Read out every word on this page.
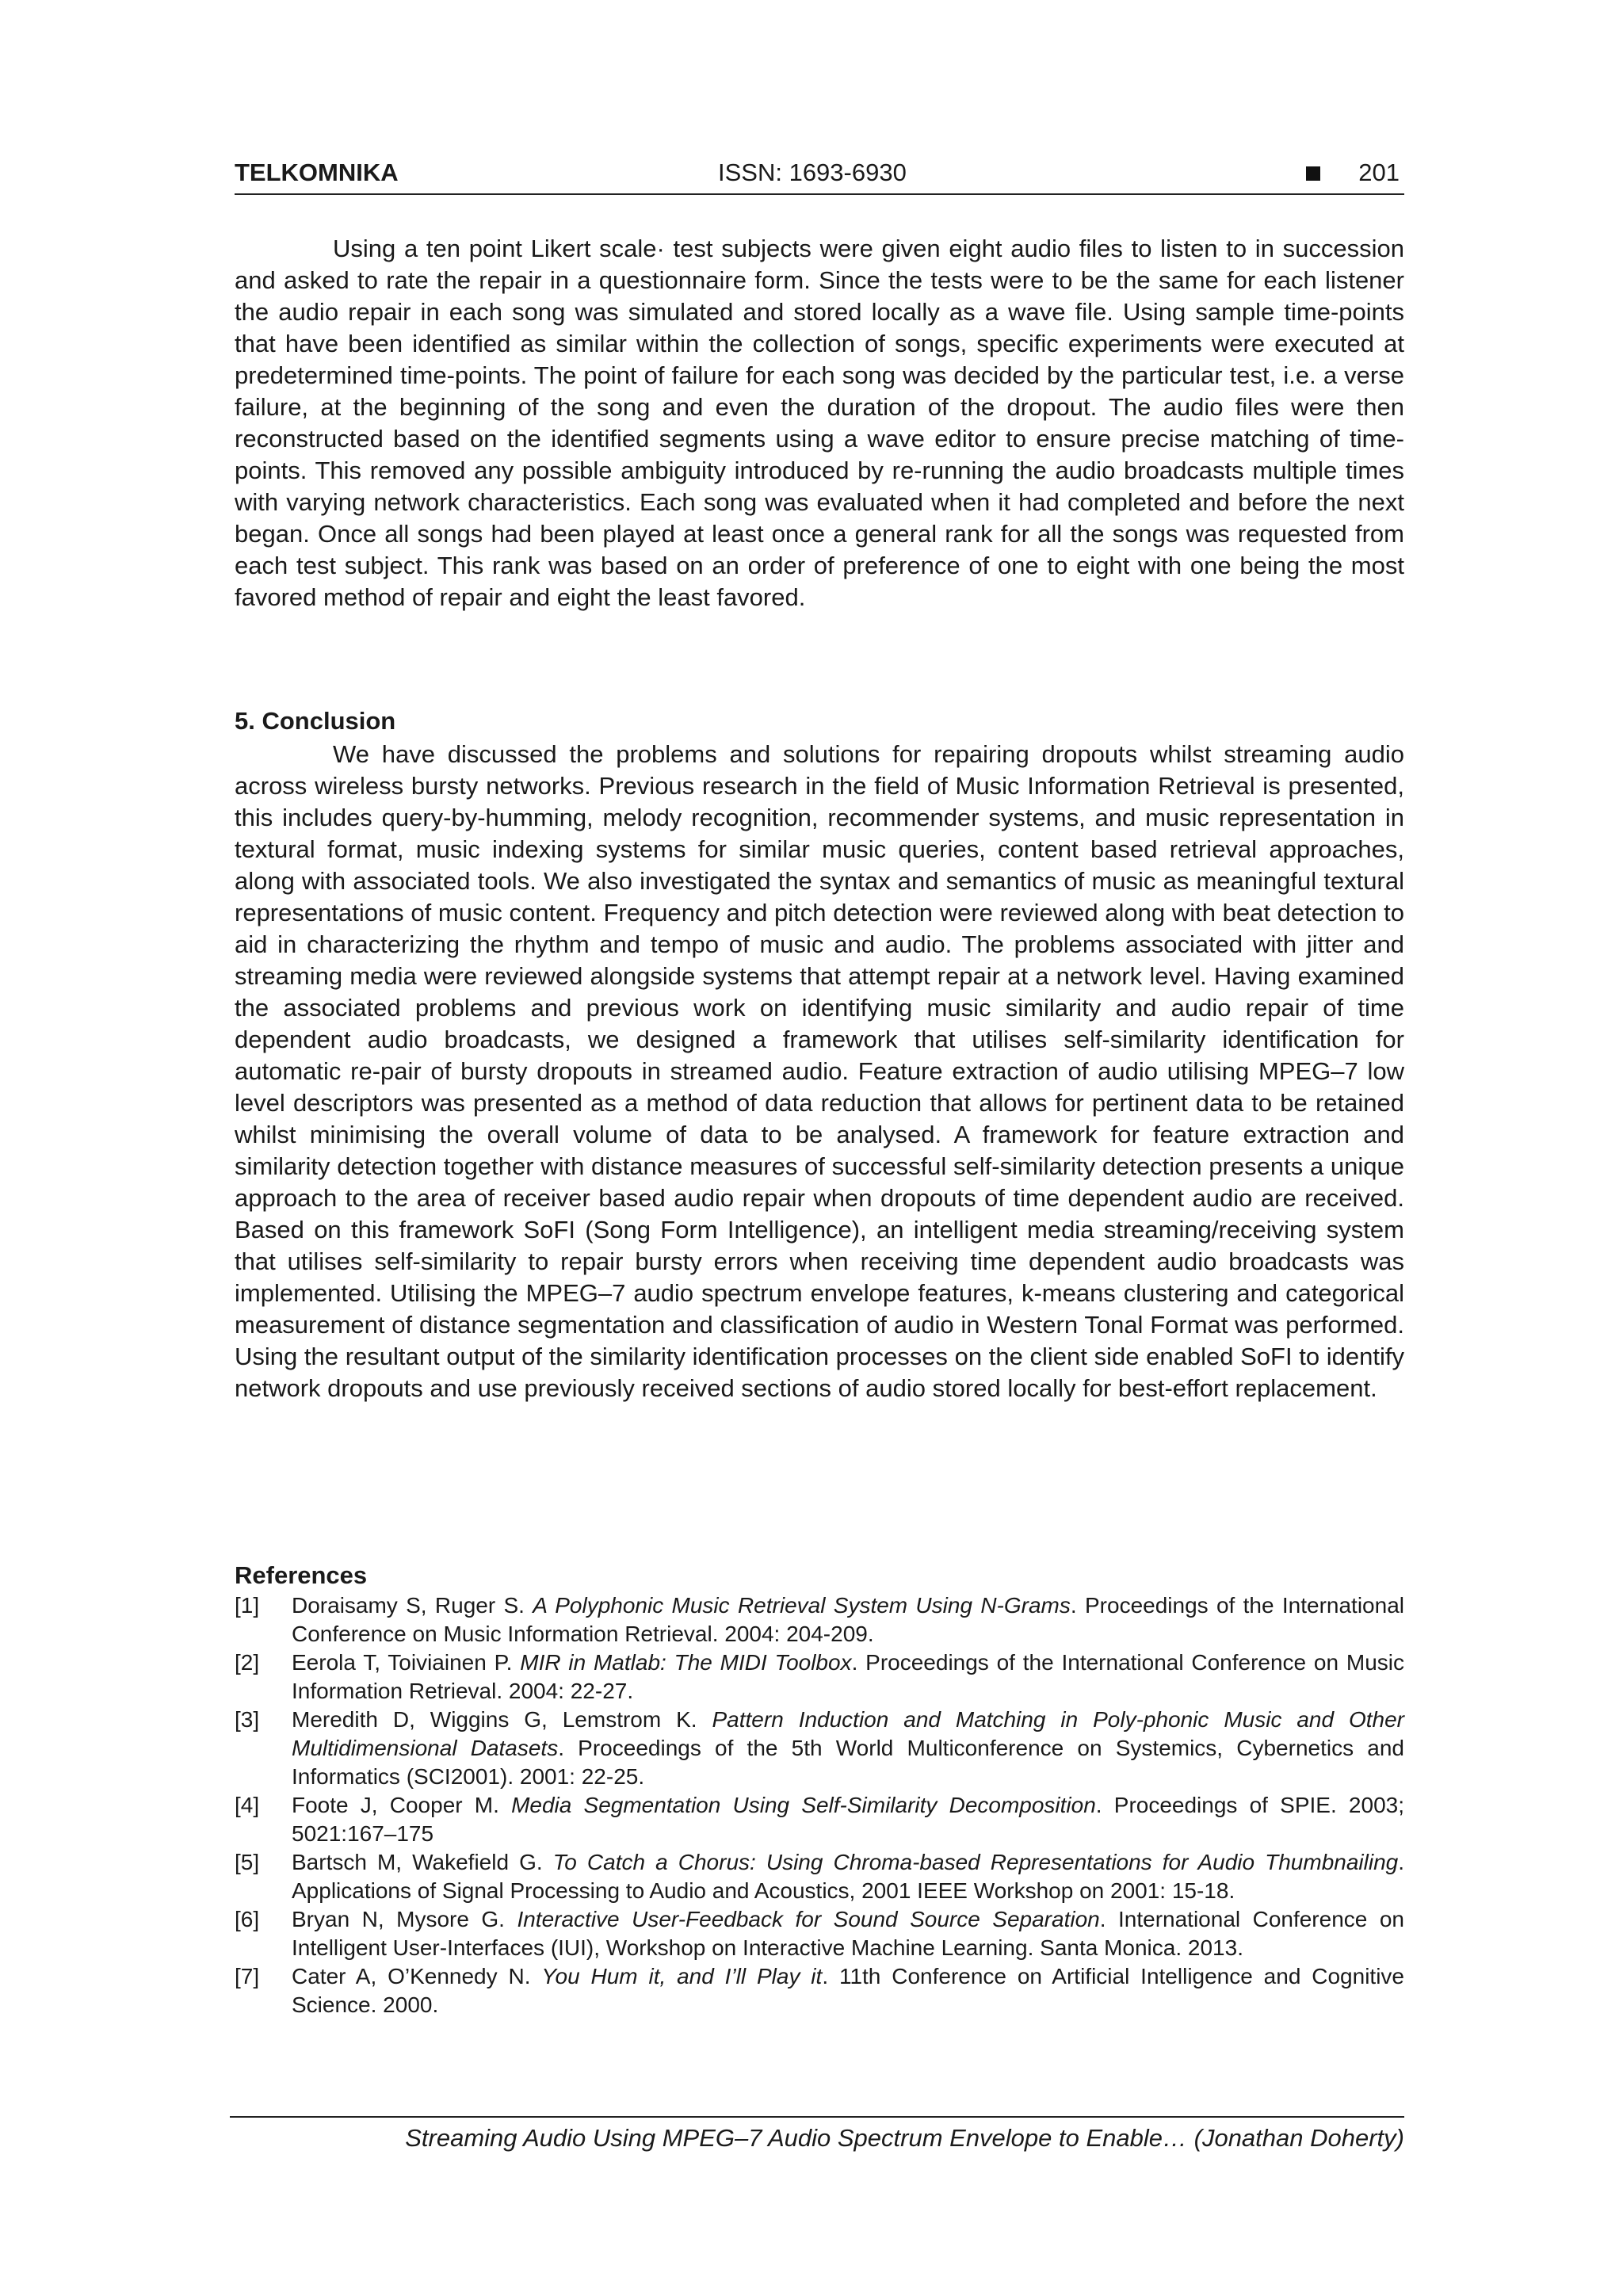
TELKOMNIKA	ISSN: 1693-6930	201

Using a ten point Likert scale· test subjects were given eight audio files to listen to in succession and asked to rate the repair in a questionnaire form. Since the tests were to be the same for each listener the audio repair in each song was simulated and stored locally as a wave file. Using sample time-points that have been identified as similar within the collection of songs, specific experiments were executed at predetermined time-points. The point of failure for each song was decided by the particular test, i.e. a verse failure, at the beginning of the song and even the duration of the dropout. The audio files were then reconstructed based on the identified segments using a wave editor to ensure precise matching of time-points. This removed any possible ambiguity introduced by re-running the audio broadcasts multiple times with varying network characteristics. Each song was evaluated when it had completed and before the next began. Once all songs had been played at least once a general rank for all the songs was requested from each test subject. This rank was based on an order of preference of one to eight with one being the most favored method of repair and eight the least favored.

5. Conclusion

We have discussed the problems and solutions for repairing dropouts whilst streaming audio across wireless bursty networks. Previous research in the field of Music Information Retrieval is presented, this includes query-by-humming, melody recognition, recommender systems, and music representation in textural format, music indexing systems for similar music queries, content based retrieval approaches, along with associated tools. We also investigated the syntax and semantics of music as meaningful textural representations of music content. Frequency and pitch detection were reviewed along with beat detection to aid in characterizing the rhythm and tempo of music and audio. The problems associated with jitter and streaming media were reviewed alongside systems that attempt repair at a network level. Having examined the associated problems and previous work on identifying music similarity and audio repair of time dependent audio broadcasts, we designed a framework that utilises self-similarity identification for automatic re-pair of bursty dropouts in streamed audio. Feature extraction of audio utilising MPEG–7 low level descriptors was presented as a method of data reduction that allows for pertinent data to be retained whilst minimising the overall volume of data to be analysed. A framework for feature extraction and similarity detection together with distance measures of successful self-similarity detection presents a unique approach to the area of receiver based audio repair when dropouts of time dependent audio are received. Based on this framework SoFI (Song Form Intelligence), an intelligent media streaming/receiving system that utilises self-similarity to repair bursty errors when receiving time dependent audio broadcasts was implemented. Utilising the MPEG–7 audio spectrum envelope features, k-means clustering and categorical measurement of distance segmentation and classification of audio in Western Tonal Format was performed. Using the resultant output of the similarity identification processes on the client side enabled SoFI to identify network dropouts and use previously received sections of audio stored locally for best-effort replacement.

References
[1] Doraisamy S, Ruger S. A Polyphonic Music Retrieval System Using N-Grams. Proceedings of the International Conference on Music Information Retrieval. 2004: 204-209.
[2] Eerola T, Toiviainen P. MIR in Matlab: The MIDI Toolbox. Proceedings of the International Conference on Music Information Retrieval. 2004: 22-27.
[3] Meredith D, Wiggins G, Lemstrom K. Pattern Induction and Matching in Poly-phonic Music and Other Multidimensional Datasets. Proceedings of the 5th World Multiconference on Systemics, Cybernetics and Informatics (SCI2001). 2001: 22-25.
[4] Foote J, Cooper M. Media Segmentation Using Self-Similarity Decomposition. Proceedings of SPIE. 2003; 5021:167–175
[5] Bartsch M, Wakefield G. To Catch a Chorus: Using Chroma-based Representations for Audio Thumbnailing. Applications of Signal Processing to Audio and Acoustics, 2001 IEEE Workshop on 2001: 15-18.
[6] Bryan N, Mysore G. Interactive User-Feedback for Sound Source Separation. International Conference on Intelligent User-Interfaces (IUI), Workshop on Interactive Machine Learning. Santa Monica. 2013.
[7] Cater A, O’Kennedy N. You Hum it, and I’ll Play it. 11th Conference on Artificial Intelligence and Cognitive Science. 2000.
Streaming Audio Using MPEG–7 Audio Spectrum Envelope to Enable… (Jonathan Doherty)
